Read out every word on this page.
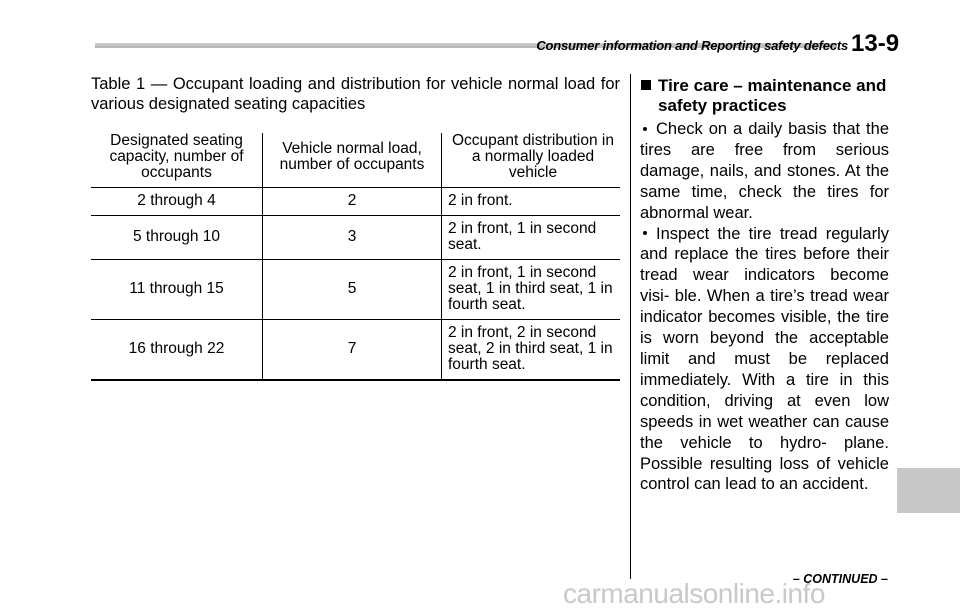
Consumer information and Reporting safety defects 13-9
Table 1 — Occupant loading and distribution for vehicle normal load for
various designated seating capacities
Designated seating capacity, number of occupants	Vehicle normal load, number of occupants	Occupant distribution in a normally loaded vehicle
2 through 4	2	2 in front.
5 through 10	3	2 in front, 1 in second seat.
11 through 15	5	2 in front, 1 in second seat, 1 in third seat, 1 in fourth seat.
16 through 22	7	2 in front, 2 in second seat, 2 in third seat, 1 in fourth seat.
Tire care – maintenance and safety practices

Check on a daily basis that the tires are free from serious damage, nails, and stones. At the same time, check the tires for abnormal wear.

Inspect the tire tread regularly and replace the tires before their tread wear indicators become visi- ble. When a tire’s tread wear indicator becomes visible, the tire is worn beyond the acceptable limit and must be replaced immediately. With a tire in this condition, driving at even low speeds in wet weather can cause the vehicle to hydro- plane. Possible resulting loss of vehicle control can lead to an accident.

– CONTINUED –
carmanualsonline.info
